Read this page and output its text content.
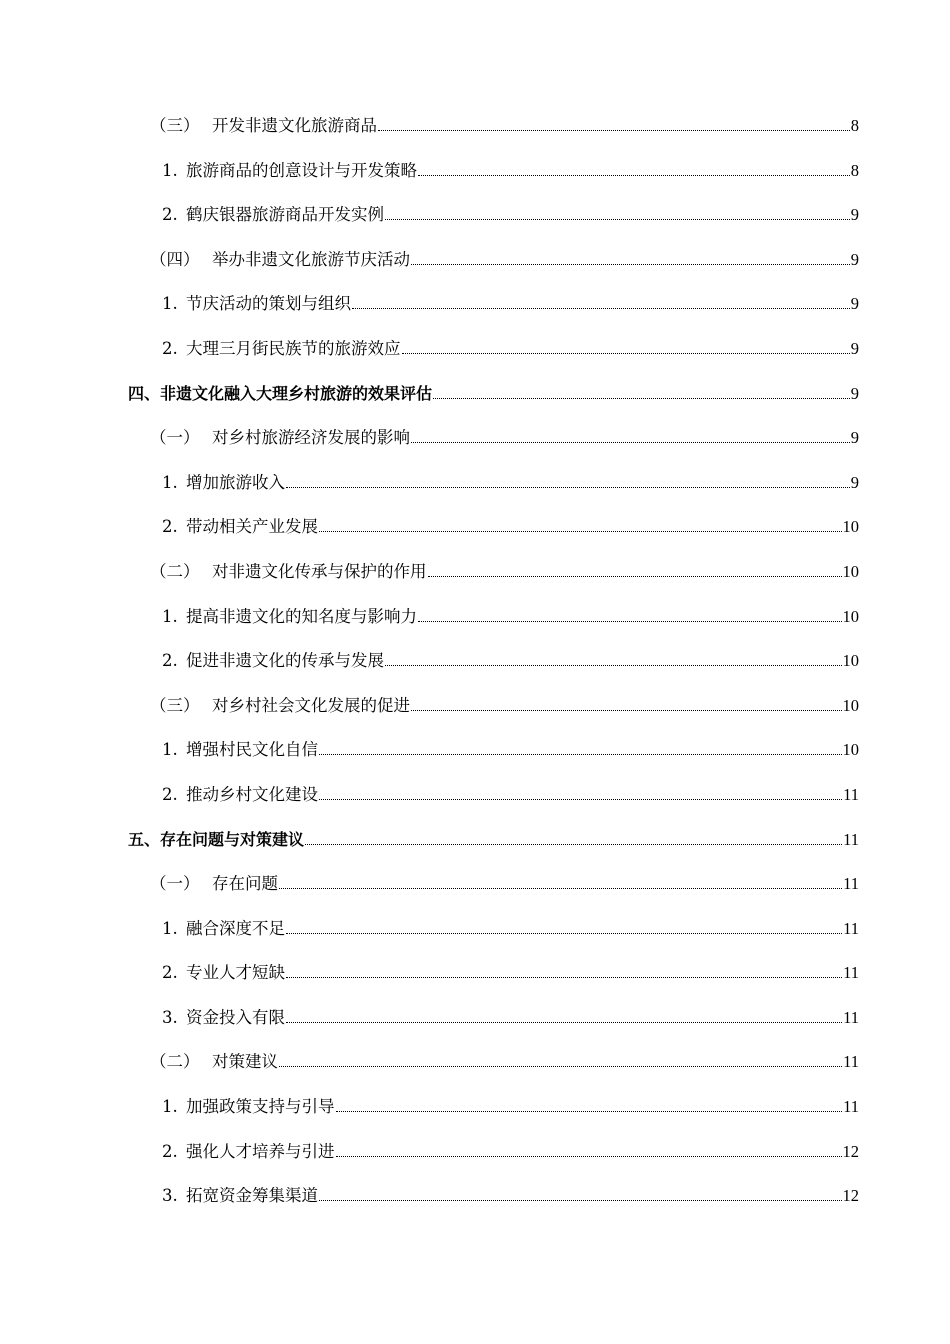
（三） 开发非遗文化旅游商品	8
1. 旅游商品的创意设计与开发策略	8
2. 鹤庆银器旅游商品开发实例	9
（四） 举办非遗文化旅游节庆活动	9
1. 节庆活动的策划与组织	9
2. 大理三月街民族节的旅游效应	9
四、非遗文化融入大理乡村旅游的效果评估	9
（一） 对乡村旅游经济发展的影响	9
1. 增加旅游收入	9
2. 带动相关产业发展	10
（二） 对非遗文化传承与保护的作用	10
1. 提高非遗文化的知名度与影响力	10
2. 促进非遗文化的传承与发展	10
（三） 对乡村社会文化发展的促进	10
1. 增强村民文化自信	10
2. 推动乡村文化建设	11
五、存在问题与对策建议	11
（一） 存在问题	11
1. 融合深度不足	11
2. 专业人才短缺	11
3. 资金投入有限	11
（二） 对策建议	11
1. 加强政策支持与引导	11
2. 强化人才培养与引进	12
3. 拓宽资金筹集渠道	12
